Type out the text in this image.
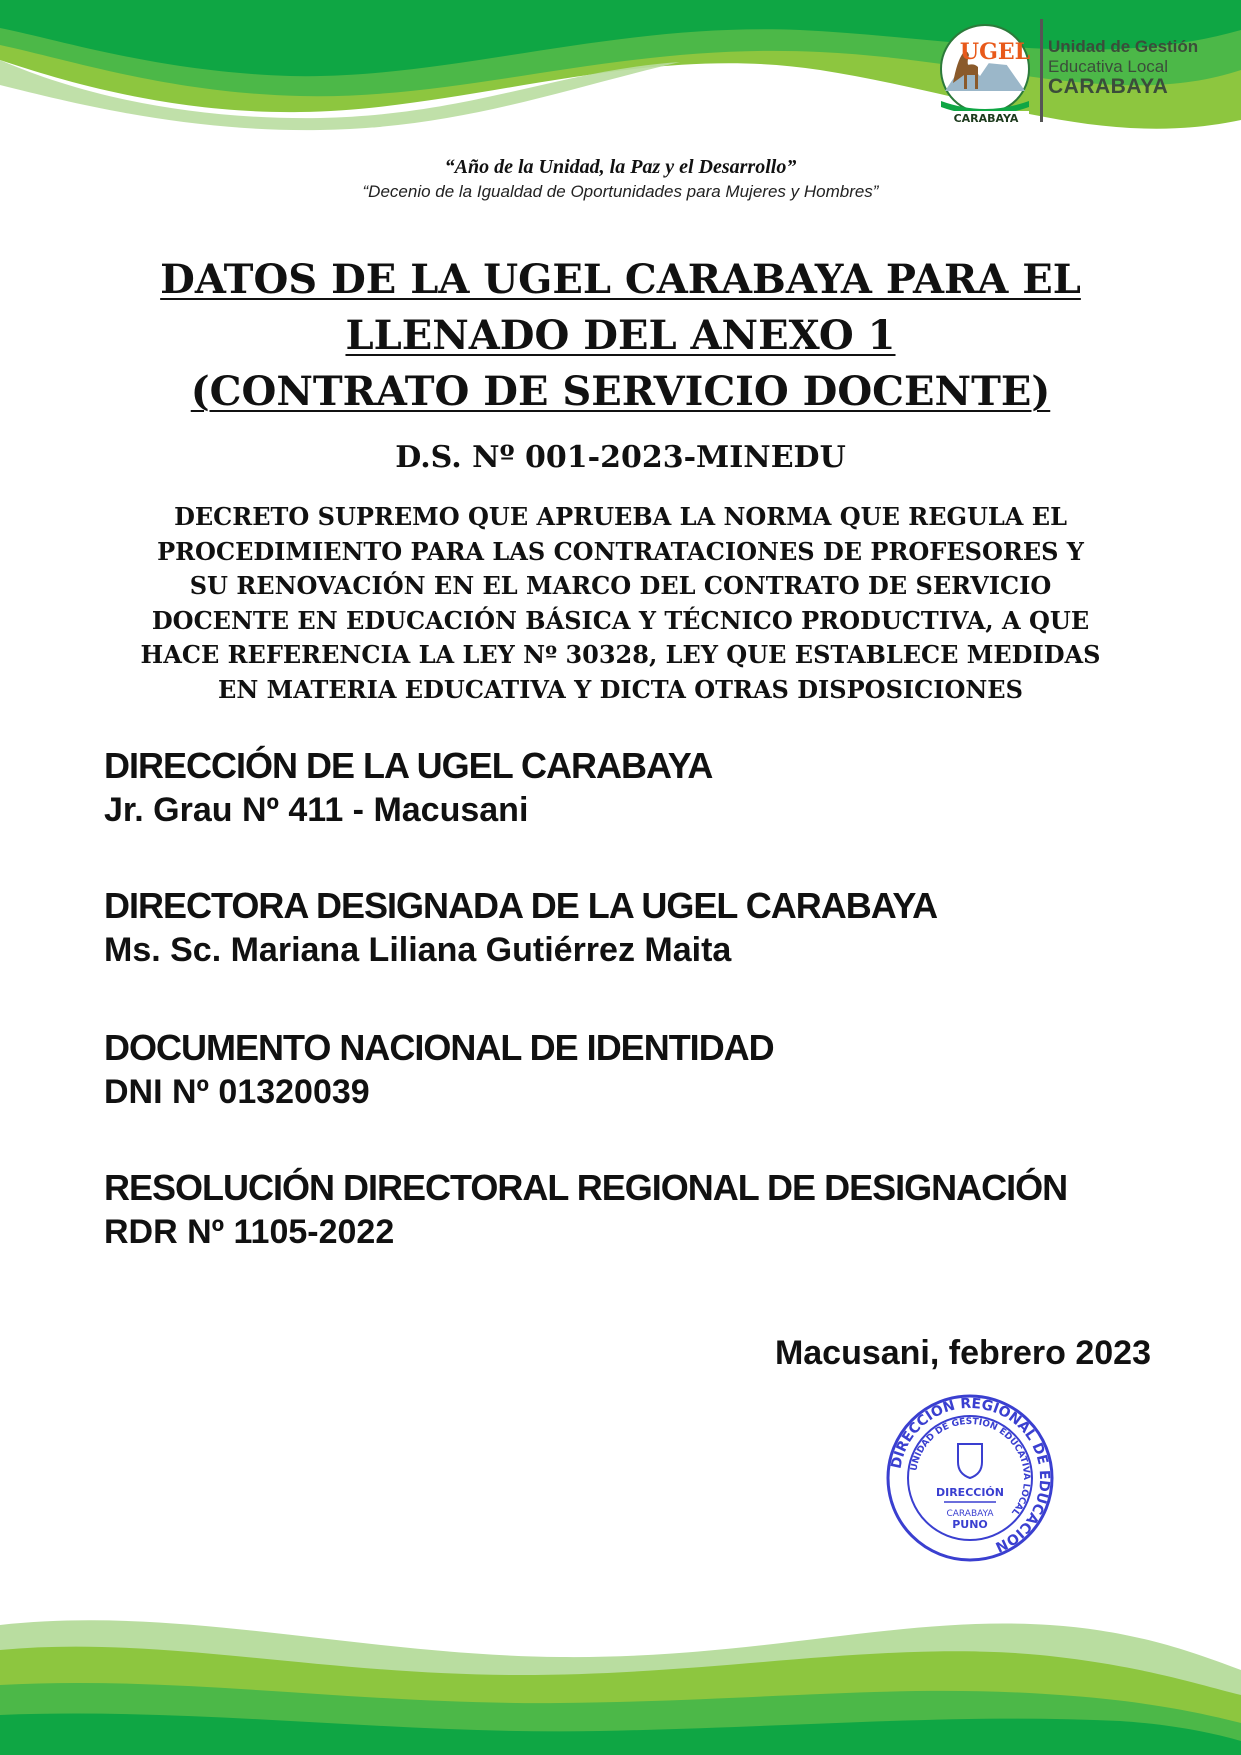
UGEL
CARABAYA
Unidad de Gestión
Educativa Local
CARABAYA
“Año de la Unidad, la Paz y el Desarrollo”
“Decenio de la Igualdad de Oportunidades para Mujeres y Hombres”
DATOS DE LA UGEL CARABAYA PARA EL
LLENADO DEL ANEXO 1
(CONTRATO DE SERVICIO DOCENTE)
D.S. Nº 001-2023-MINEDU
DECRETO SUPREMO QUE APRUEBA LA NORMA QUE REGULA EL
PROCEDIMIENTO PARA LAS CONTRATACIONES DE PROFESORES Y
SU RENOVACIÓN EN EL MARCO DEL CONTRATO DE SERVICIO
DOCENTE EN EDUCACIÓN BÁSICA Y TÉCNICO PRODUCTIVA, A QUE
HACE REFERENCIA LA LEY Nº 30328, LEY QUE ESTABLECE MEDIDAS
EN MATERIA EDUCATIVA Y DICTA OTRAS DISPOSICIONES
DIRECCIÓN DE LA UGEL CARABAYA
Jr. Grau Nº 411 - Macusani
DIRECTORA DESIGNADA DE LA UGEL CARABAYA
Ms. Sc. Mariana Liliana Gutiérrez Maita
DOCUMENTO NACIONAL DE IDENTIDAD
DNI Nº 01320039
RESOLUCIÓN DIRECTORAL REGIONAL DE DESIGNACIÓN
RDR Nº 1105-2022
Macusani, febrero 2023
DIRECCIÓN REGIONAL DE EDUCACIÓN
UNIDAD DE GESTIÓN EDUCATIVA LOCAL
DIRECCIÓN
CARABAYA
PUNO
